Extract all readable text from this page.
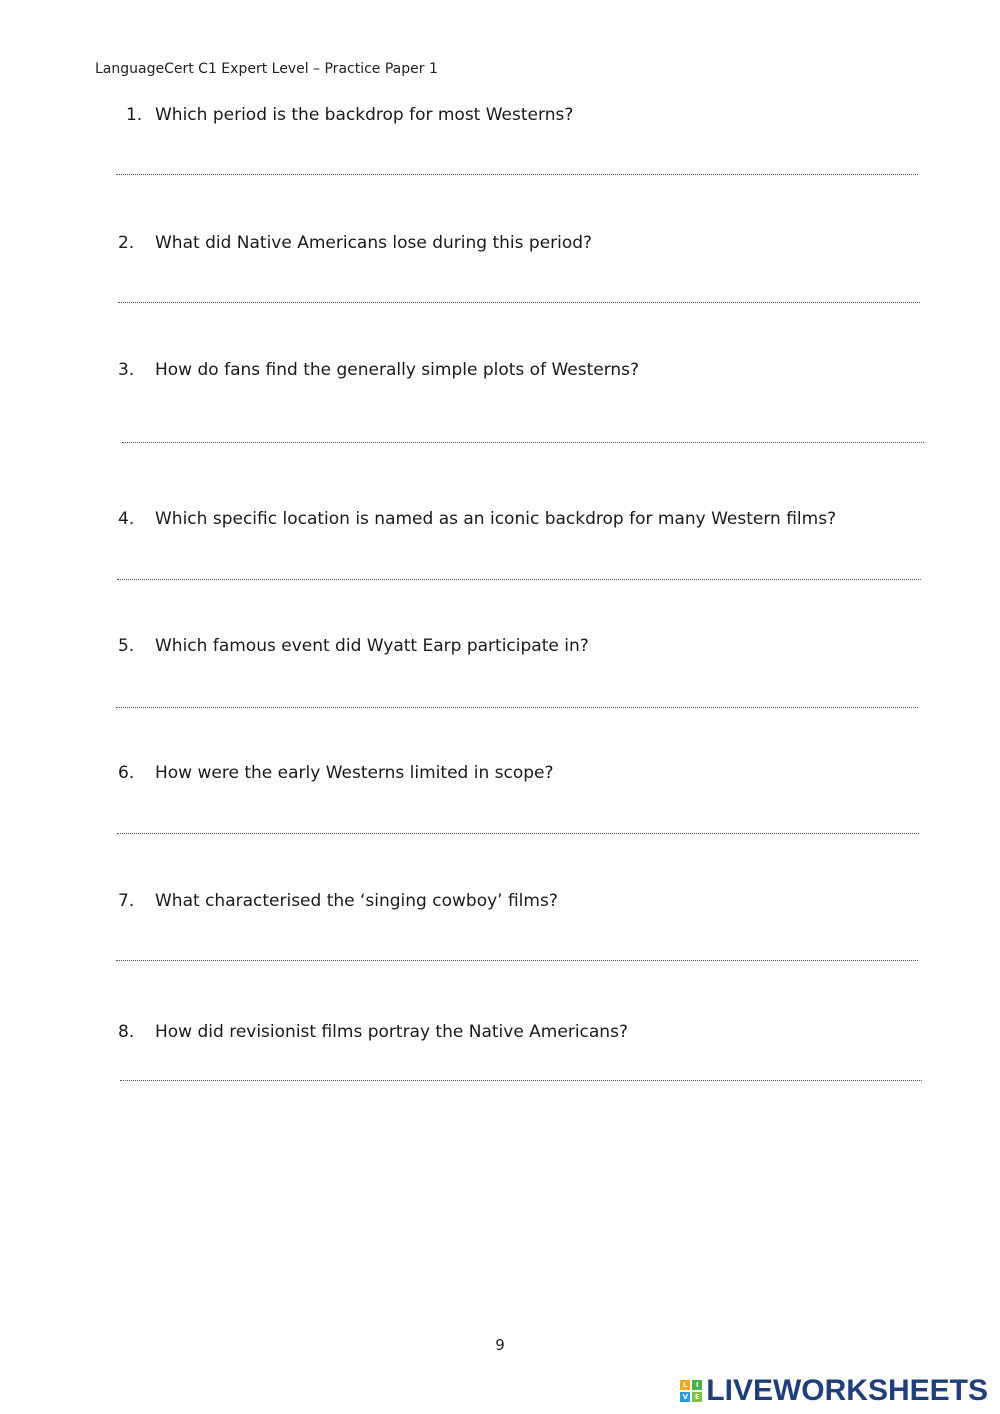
LanguageCert C1 Expert Level – Practice Paper 1
1. Which period is the backdrop for most Westerns?
2. What did Native Americans lose during this period?
3. How do fans find the generally simple plots of Westerns?
4. Which specific location is named as an iconic backdrop for many Western films?
5. Which famous event did Wyatt Earp participate in?
6. How were the early Westerns limited in scope?
7. What characterised the ‘singing cowboy’ films?
8. How did revisionist films portray the Native Americans?
9
L	I
V E LIVEWORKSHEETS
